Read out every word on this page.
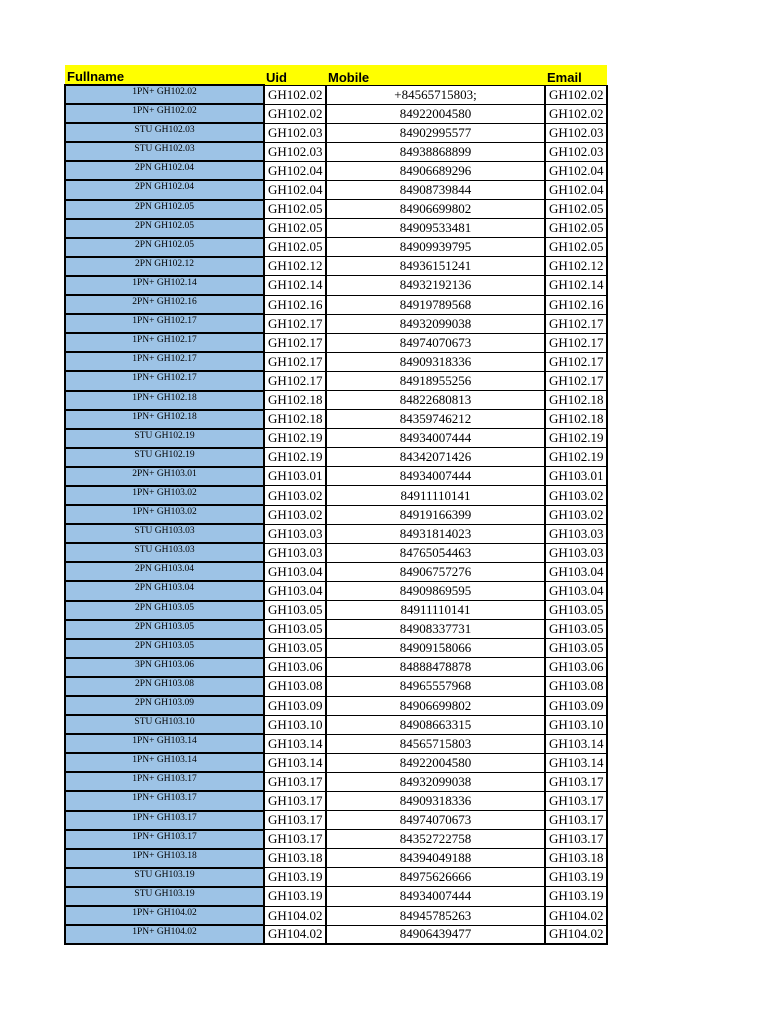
Fullname	Uid	Mobile	Email
1PN+ GH102.02	GH102.02	+84565715803;	GH102.02
1PN+ GH102.02	GH102.02	84922004580	GH102.02
STU GH102.03	GH102.03	84902995577	GH102.03
STU GH102.03	GH102.03	84938868899	GH102.03
2PN GH102.04	GH102.04	84906689296	GH102.04
2PN GH102.04	GH102.04	84908739844	GH102.04
2PN GH102.05	GH102.05	84906699802	GH102.05
2PN GH102.05	GH102.05	84909533481	GH102.05
2PN GH102.05	GH102.05	84909939795	GH102.05
2PN GH102.12	GH102.12	84936151241	GH102.12
1PN+ GH102.14	GH102.14	84932192136	GH102.14
2PN+ GH102.16	GH102.16	84919789568	GH102.16
1PN+ GH102.17	GH102.17	84932099038	GH102.17
1PN+ GH102.17	GH102.17	84974070673	GH102.17
1PN+ GH102.17	GH102.17	84909318336	GH102.17
1PN+ GH102.17	GH102.17	84918955256	GH102.17
1PN+ GH102.18	GH102.18	84822680813	GH102.18
1PN+ GH102.18	GH102.18	84359746212	GH102.18
STU GH102.19	GH102.19	84934007444	GH102.19
STU GH102.19	GH102.19	84342071426	GH102.19
2PN+ GH103.01	GH103.01	84934007444	GH103.01
1PN+ GH103.02	GH103.02	84911110141	GH103.02
1PN+ GH103.02	GH103.02	84919166399	GH103.02
STU GH103.03	GH103.03	84931814023	GH103.03
STU GH103.03	GH103.03	84765054463	GH103.03
2PN GH103.04	GH103.04	84906757276	GH103.04
2PN GH103.04	GH103.04	84909869595	GH103.04
2PN GH103.05	GH103.05	84911110141	GH103.05
2PN GH103.05	GH103.05	84908337731	GH103.05
2PN GH103.05	GH103.05	84909158066	GH103.05
3PN GH103.06	GH103.06	84888478878	GH103.06
2PN GH103.08	GH103.08	84965557968	GH103.08
2PN GH103.09	GH103.09	84906699802	GH103.09
STU GH103.10	GH103.10	84908663315	GH103.10
1PN+ GH103.14	GH103.14	84565715803	GH103.14
1PN+ GH103.14	GH103.14	84922004580	GH103.14
1PN+ GH103.17	GH103.17	84932099038	GH103.17
1PN+ GH103.17	GH103.17	84909318336	GH103.17
1PN+ GH103.17	GH103.17	84974070673	GH103.17
1PN+ GH103.17	GH103.17	84352722758	GH103.17
1PN+ GH103.18	GH103.18	84394049188	GH103.18
STU GH103.19	GH103.19	84975626666	GH103.19
STU GH103.19	GH103.19	84934007444	GH103.19
1PN+ GH104.02	GH104.02	84945785263	GH104.02
1PN+ GH104.02	GH104.02	84906439477	GH104.02
